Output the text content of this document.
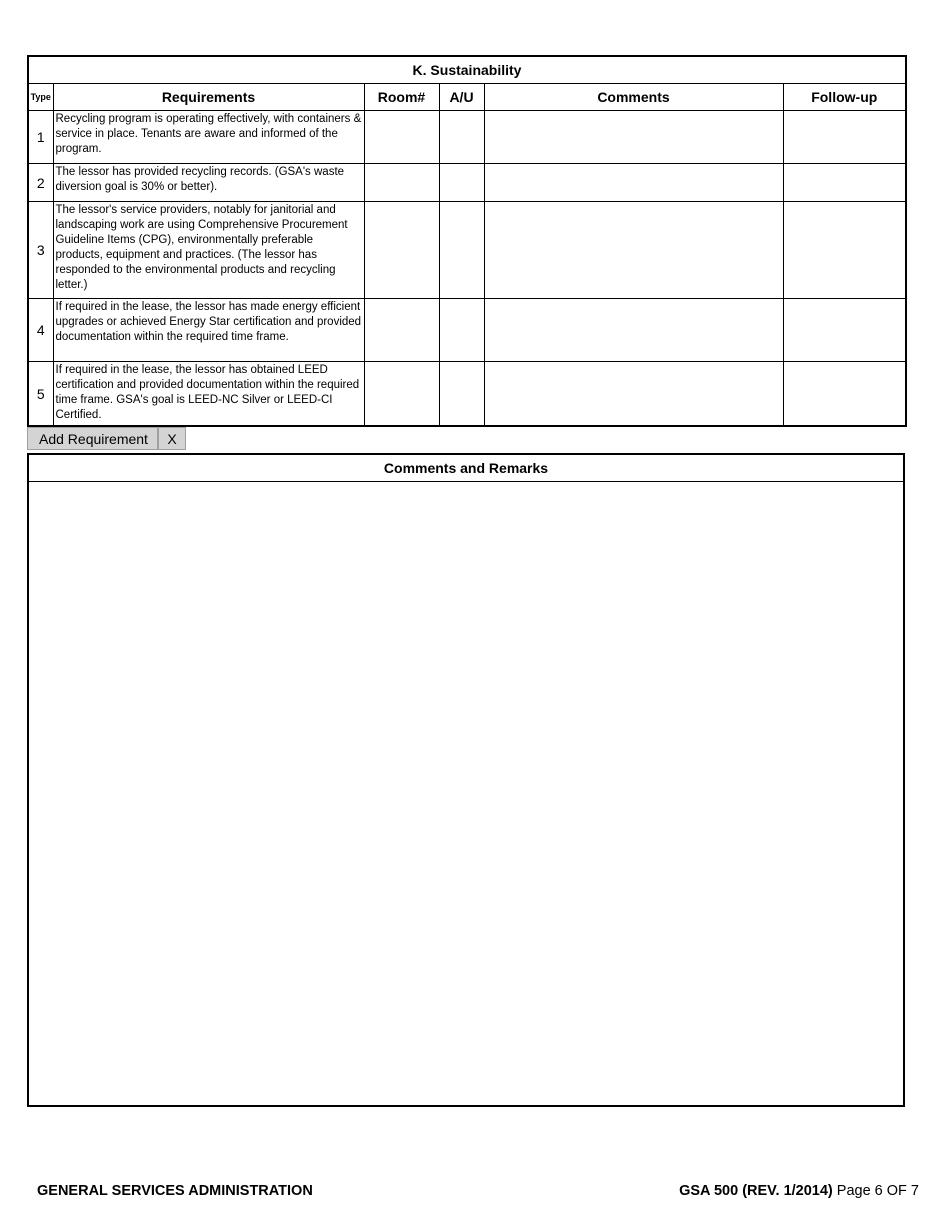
K. Sustainability					
Type	Requirements	Room#	A/U	Comments	Follow-up
1	Recycling program is operating effectively, with containers & service in place. Tenants are aware and informed of the program.				
2	The lessor has provided recycling records. (GSA's waste diversion goal is 30% or better).				
3	The lessor's service providers, notably for janitorial and landscaping work are using Comprehensive Procurement Guideline Items (CPG), environmentally preferable products, equipment and practices. (The lessor has responded to the environmental products and recycling letter.)				
4	If required in the lease, the lessor has made energy efficient upgrades or achieved Energy Star certification and provided documentation within the required time frame.				
5	If required in the lease, the lessor has obtained LEED certification and provided documentation within the required time frame. GSA's goal is LEED-NC Silver or LEED-CI Certified.				
Add Requirement	X
Comments and Remarks
GENERAL SERVICES ADMINISTRATION	GSA 500 (REV. 1/2014) Page 6 OF 7
